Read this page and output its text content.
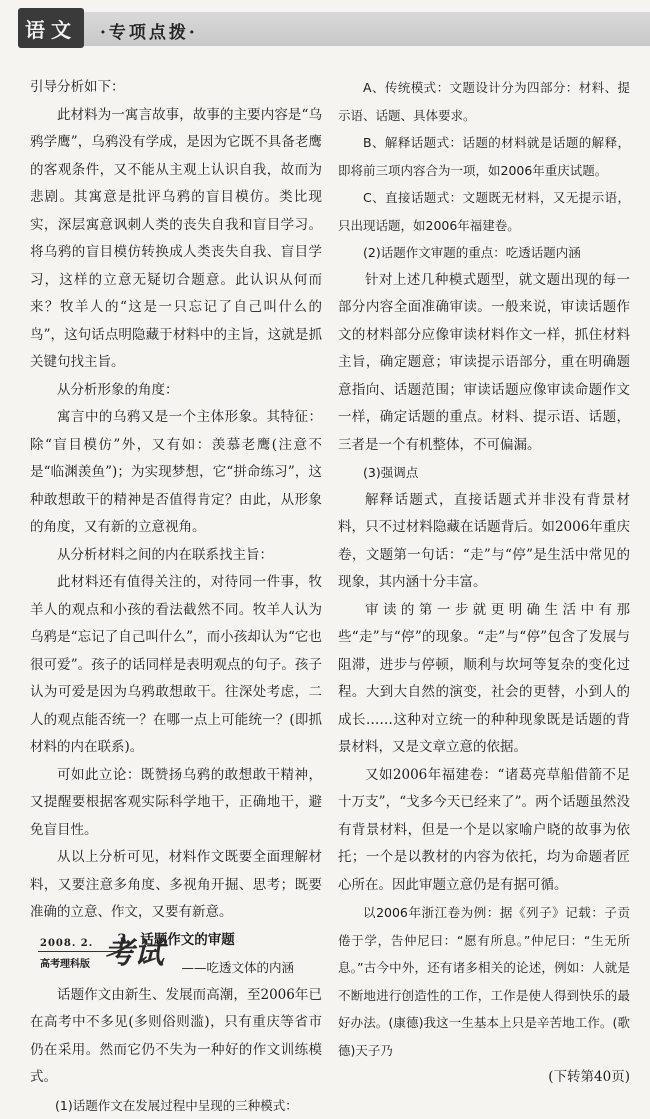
语文	·专项点拨·

引导分析如下：

此材料为一寓言故事，故事的主要内容是“乌鸦学鹰”，乌鸦没有学成，是因为它既不具备老鹰的客观条件，又不能从主观上认识自我，故而为悲剧。其寓意是批评乌鸦的盲目模仿。类比现实，深层寓意讽刺人类的丧失自我和盲目学习。将乌鸦的盲目模仿转换成人类丧失自我、盲目学习，这样的立意无疑切合题意。此认识从何而来？牧羊人的“这是一只忘记了自己叫什么的鸟”，这句话点明隐藏于材料中的主旨，这就是抓关键句找主旨。

从分析形象的角度：

寓言中的乌鸦又是一个主体形象。其特征：除“盲目模仿”外，又有如：羡慕老鹰(注意不是“临渊羡鱼”)；为实现梦想，它“拼命练习”，这种敢想敢干的精神是否值得肯定？由此，从形象的角度，又有新的立意视角。

从分析材料之间的内在联系找主旨：

此材料还有值得关注的，对待同一件事，牧羊人的观点和小孩的看法截然不同。牧羊人认为乌鸦是“忘记了自己叫什么”，而小孩却认为“它也很可爱”。孩子的话同样是表明观点的句子。孩子认为可爱是因为乌鸦敢想敢干。往深处考虑，二人的观点能否统一？在哪一点上可能统一？(即抓材料的内在联系)。

可如此立论：既赞扬乌鸦的敢想敢干精神，又提醒要根据客观实际科学地干，正确地干，避免盲目性。

从以上分析可见，材料作文既要全面理解材料，又要注意多角度、多视角开掘、思考；既要准确的立意、作文，又要有新意。

3、话题作文的审题

——吃透文体的内涵

话题作文由新生、发展而高潮，至2006年已在高考中不多见(多则俗则滥)，只有重庆等省市仍在采用。然而它仍不失为一种好的作文训练模式。

(1)话题作文在发展过程中呈现的三种模式：

A、传统模式：文题设计分为四部分：材料、提示语、话题、具体要求。

B、解释话题式：话题的材料就是话题的解释，即将前三项内容合为一项，如2006年重庆试题。

C、直接话题式：文题既无材料，又无提示语，只出现话题，如2006年福建卷。

(2)话题作文审题的重点：吃透话题内涵

针对上述几种模式题型，就文题出现的每一部分内容全面准确审读。一般来说，审读话题作文的材料部分应像审读材料作文一样，抓住材料主旨，确定题意；审读提示语部分，重在明确题意指向、话题范围；审读话题应像审读命题作文一样，确定话题的重点。材料、提示语、话题，三者是一个有机整体，不可偏漏。

(3)强调点

解释话题式，直接话题式并非没有背景材料，只不过材料隐藏在话题背后。如2006年重庆卷，文题第一句话：“走”与“停”是生活中常见的现象，其内涵十分丰富。

审读的第一步就更明确生活中有那些“走”与“停”的现象。“走”与“停”包含了发展与阻滞，进步与停顿，顺利与坎坷等复杂的变化过程。大到大自然的演变，社会的更替，小到人的成长……这种对立统一的种种现象既是话题的背景材料，又是文章立意的依据。

又如2006年福建卷：“诸葛亮草船借箭不足十万支”，“戈多今天已经来了”。两个话题虽然没有背景材料，但是一个是以家喻户晓的故事为依托；一个是以教材的内容为依托，均为命题者匠心所在。因此审题立意仍是有据可循。

以2006年浙江卷为例：据《列子》记载：子贡倦于学，告仲尼曰：“愿有所息。”仲尼曰：“生无所息。”古今中外，还有诸多相关的论述，例如：人就是不断地进行创造性的工作，工作是使人得到快乐的最好办法。(康德)我这一生基本上只是辛苦地工作。(歌德)天子乃

(下转第40页)

2008. 2.
高考理科版 考试
